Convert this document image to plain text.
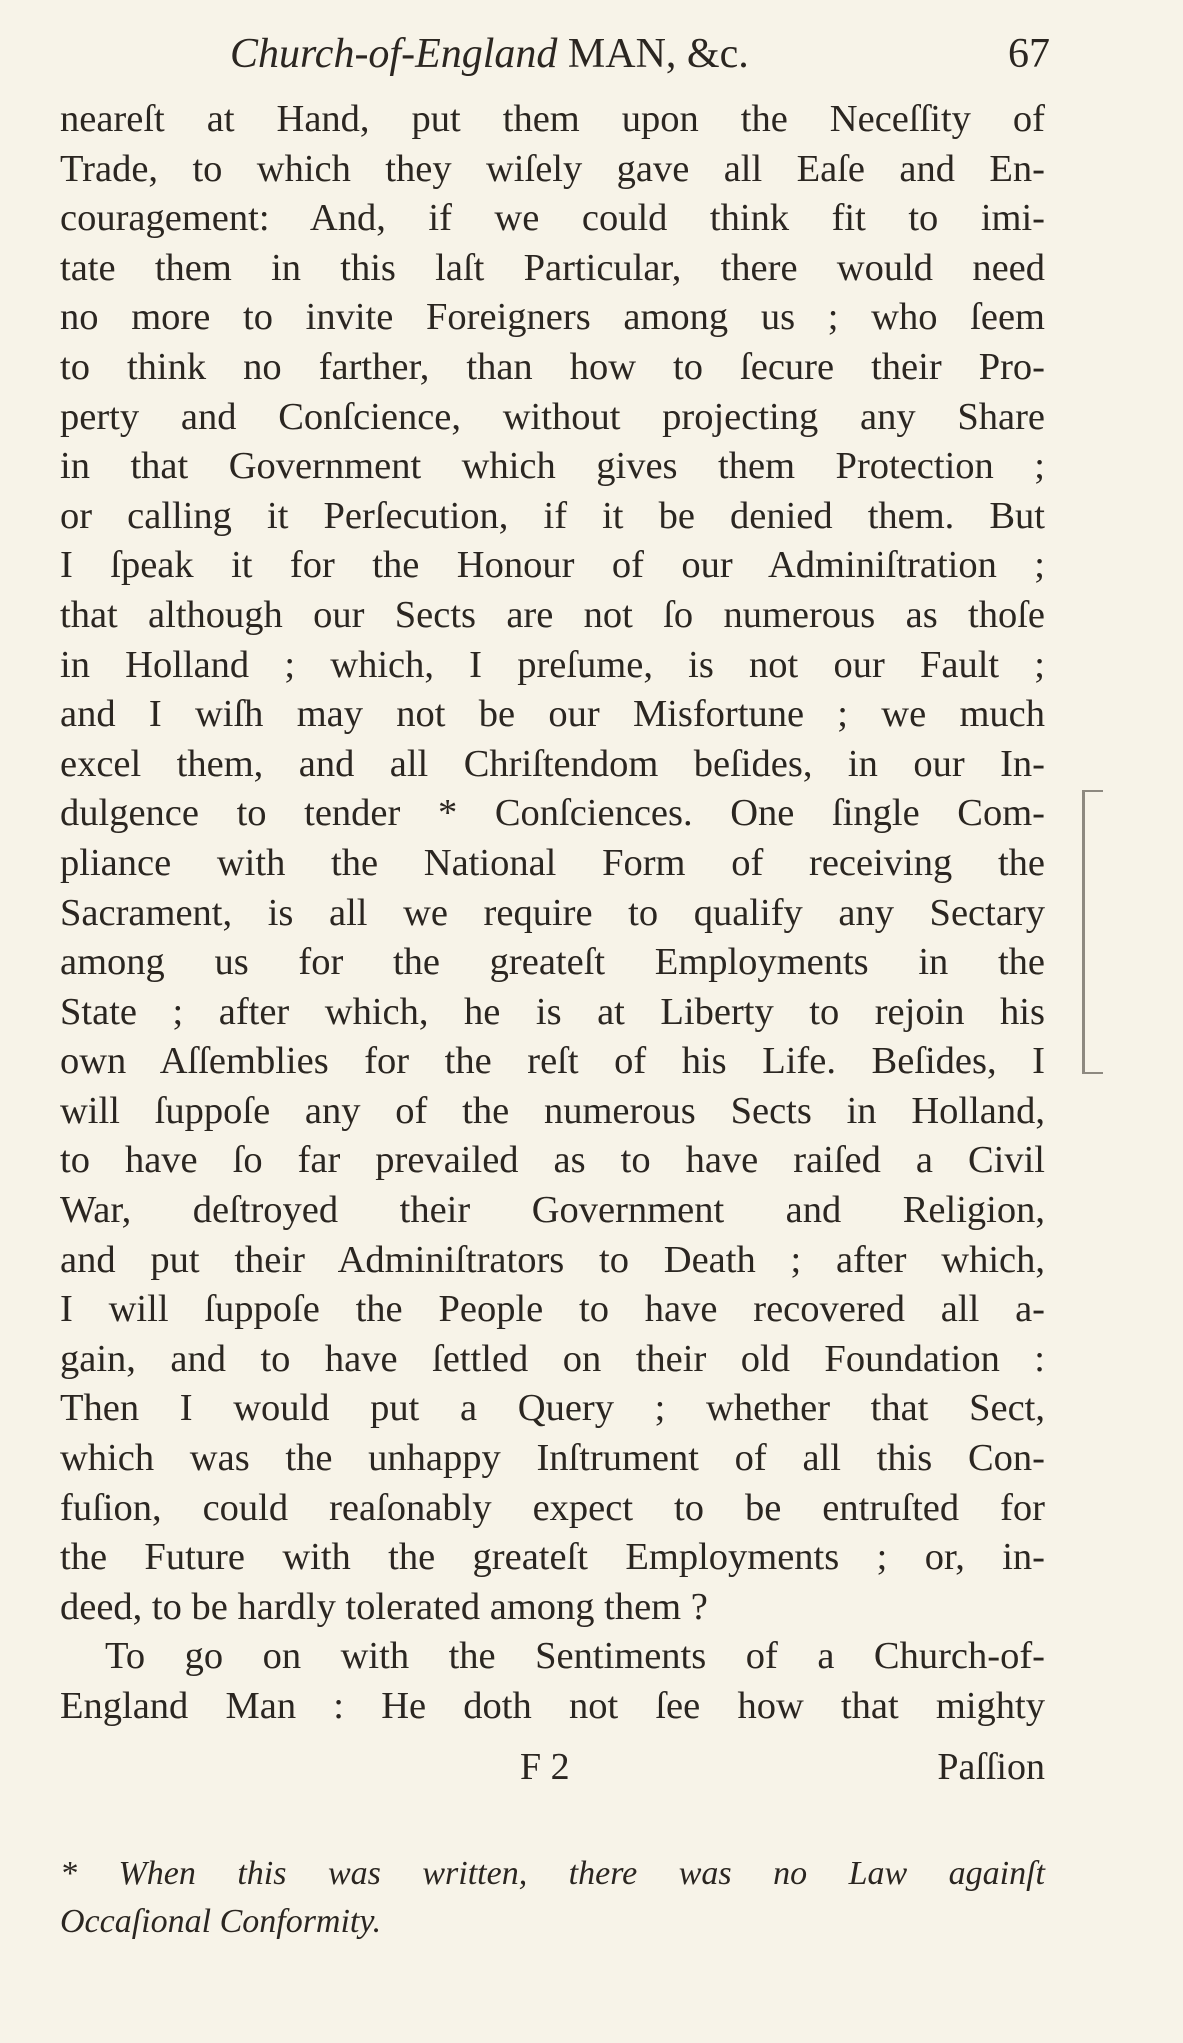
Church-of-England MAN, &c.	67
neareſt at Hand, put them upon the Neceſſity of
Trade, to which they wiſely gave all Eaſe and En-
couragement: And, if we could think fit to imi-
tate them in this laſt Particular, there would need
no more to invite Foreigners among us ; who ſeem
to think no farther, than how to ſecure their Pro-
perty and Conſcience, without projecting any Share
in that Government which gives them Protection ;
or calling it Perſecution, if it be denied them. But
I ſpeak it for the Honour of our Adminiſtration ;
that although our Sects are not ſo numerous as thoſe
in Holland ; which, I preſume, is not our Fault ;
and I wiſh may not be our Misfortune ; we much
excel them, and all Chriſtendom beſides, in our In-
dulgence to tender * Conſciences. One ſingle Com-
pliance with the National Form of receiving the
Sacrament, is all we require to qualify any Sectary
among us for the greateſt Employments in the
State ; after which, he is at Liberty to rejoin his
own Aſſemblies for the reſt of his Life. Beſides, I
will ſuppoſe any of the numerous Sects in Holland,
to have ſo far prevailed as to have raiſed a Civil
War, deſtroyed their Government and Religion,
and put their Adminiſtrators to Death ; after which,
I will ſuppoſe the People to have recovered all a-
gain, and to have ſettled on their old Foundation :
Then I would put a Query ; whether that Sect,
which was the unhappy Inſtrument of all this Con-
fuſion, could reaſonably expect to be entruſted for
the Future with the greateſt Employments ; or, in-
deed, to be hardly tolerated among them ?
To go on with the Sentiments of a Church-of-
England Man : He doth not ſee how that mighty
F 2	Paſſion
* When this was written, there was no Law againſt
Occaſional Conformity.
